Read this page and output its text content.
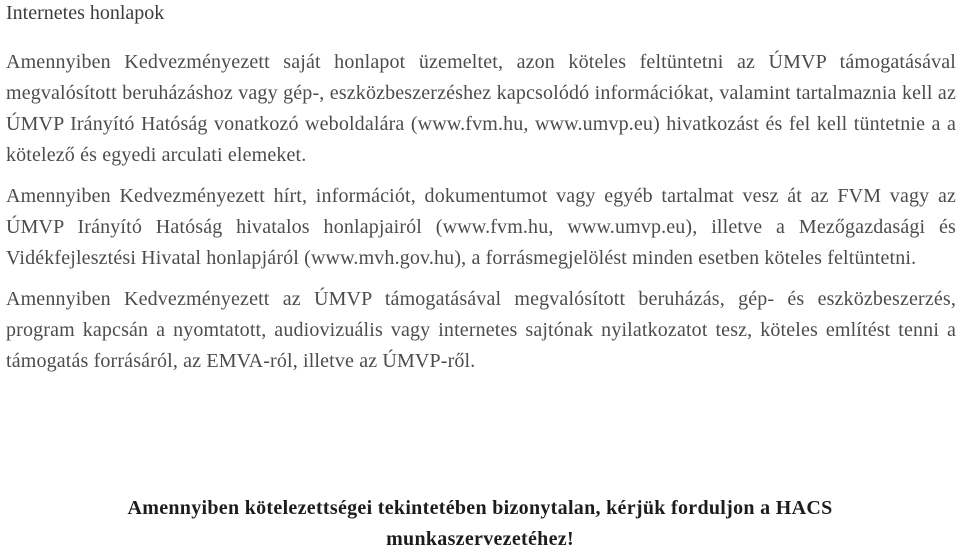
Internetes honlapok
Amennyiben Kedvezményezett saját honlapot üzemeltet, azon köteles feltüntetni az ÚMVP támogatásával megvalósított beruházáshoz vagy gép-, eszközbeszerzéshez kapcsolódó információkat, valamint tartalmaznia kell az ÚMVP Irányító Hatóság vonatkozó weboldalára (www.fvm.hu, www.umvp.eu) hivatkozást és fel kell tüntetnie a a kötelező és egyedi arculati elemeket.
Amennyiben Kedvezményezett hírt, információt, dokumentumot vagy egyéb tartalmat vesz át az FVM vagy az ÚMVP Irányító Hatóság hivatalos honlapjairól (www.fvm.hu, www.umvp.eu), illetve a Mezőgazdasági és Vidékfejlesztési Hivatal honlapjáról (www.mvh.gov.hu), a forrásmegjelölést minden esetben köteles feltüntetni.
Amennyiben Kedvezményezett az ÚMVP támogatásával megvalósított beruházás, gép- és eszközbeszerzés, program kapcsán a nyomtatott, audiovizuális vagy internetes sajtónak nyilatkozatot tesz, köteles említést tenni a támogatás forrásáról, az EMVA-ról, illetve az ÚMVP-ről.
Amennyiben kötelezettségei tekintetében bizonytalan, kérjük forduljon a HACS munkaszervezetéhez!
